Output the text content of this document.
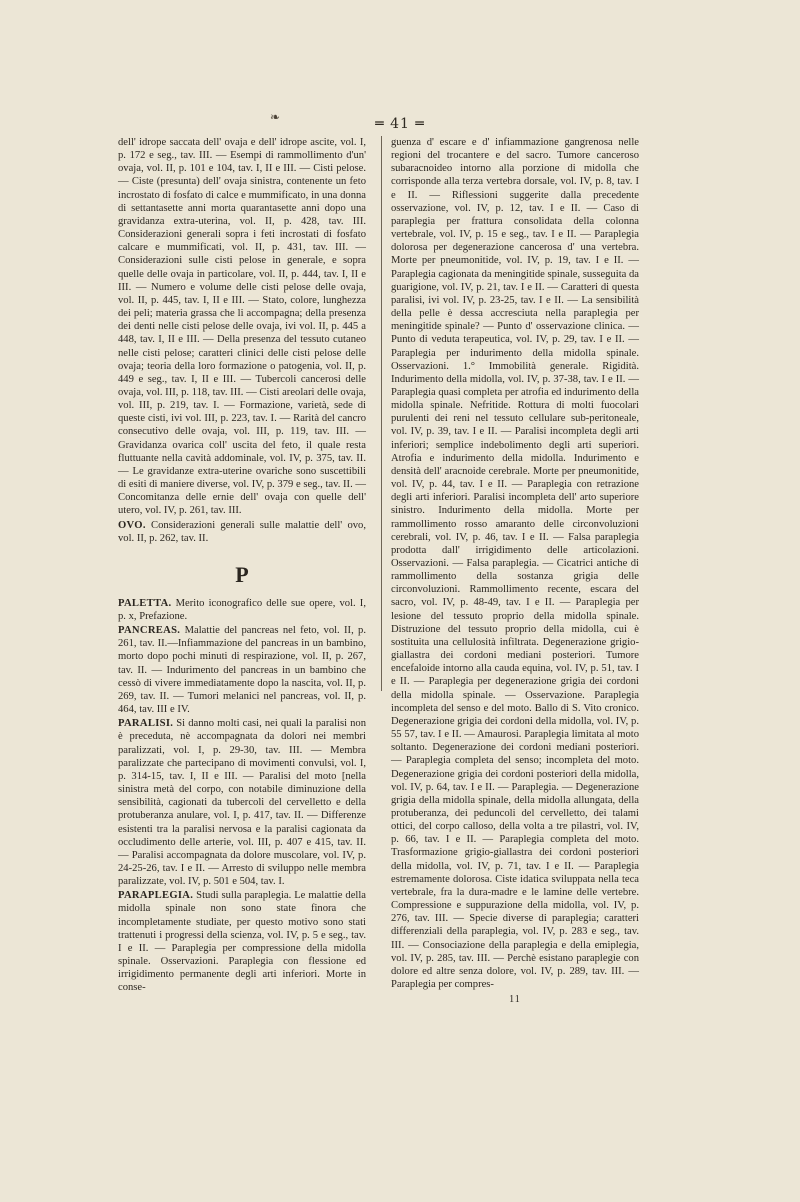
❧	═ 41 ═

dell' idrope saccata dell' ovaja e dell' idrope ascite, vol. I, p. 172 e seg., tav. III. — Esempi di rammollimento d'un' ovaja, vol. II, p. 101 e 104, tav. I, II e III. — Cisti pelose. — Ciste (presunta) dell' ovaja sinistra, contenente un feto incrostato di fosfato di calce e mummificato, in una donna di settantasette anni morta quarantasette anni dopo una gravidanza extra-uterina, vol. II, p. 428, tav. III. Considerazioni generali sopra i feti incrostati di fosfato calcare e mummificati, vol. II, p. 431, tav. III. — Considerazioni sulle cisti pelose in generale, e sopra quelle delle ovaja in particolare, vol. II, p. 444, tav. I, II e III. — Numero e volume delle cisti pelose delle ovaja, vol. II, p. 445, tav. I, II e III. — Stato, colore, lunghezza dei peli; materia grassa che li accompagna; della presenza dei denti nelle cisti pelose delle ovaja, ivi vol. II, p. 445 a 448, tav. I, II e III. — Della presenza del tessuto cutaneo nelle cisti pelose; caratteri clinici delle cisti pelose delle ovaja; teoria della loro formazione o patogenia, vol. II, p. 449 e seg., tav. I, II e III. — Tubercoli cancerosi delle ovaja, vol. III, p. 118, tav. III. — Cisti areolari delle ovaja, vol. III, p. 219, tav. I. — Formazione, varietà, sede di queste cisti, ivi vol. III, p. 223, tav. I. — Rarità del cancro consecutivo delle ovaja, vol. III, p. 119, tav. III. — Gravidanza ovarica coll' uscita del feto, il quale resta fluttuante nella cavità addominale, vol. IV, p. 375, tav. II. — Le gravidanze extra-uterine ovariche sono suscettibili di esiti di maniere diverse, vol. IV, p. 379 e seg., tav. II. — Concomitanza delle ernie dell' ovaja con quelle dell' utero, vol. IV, p. 261, tav. III.

OVO. Considerazioni generali sulle malattie dell' ovo, vol. II, p. 262, tav. II.

P

PALETTA. Merito iconografico delle sue opere, vol. I, p. x, Prefazione.

PANCREAS. Malattie del pancreas nel feto, vol. II, p. 261, tav. II.—Infiammazione del pancreas in un bambino, morto dopo pochi minuti di respirazione, vol. II, p. 267, tav. II. — Indurimento del pancreas in un bambino che cessò di vivere immediatamente dopo la nascita, vol. II, p. 269, tav. II. — Tumori melanici nel pancreas, vol. II, p. 464, tav. III e IV.

PARALISI. Si danno molti casi, nei quali la paralisi non è preceduta, nè accompagnata da dolori nei membri paralizzati, vol. I, p. 29-30, tav. III. — Membra paralizzate che partecipano di movimenti convulsi, vol. I, p. 314-15, tav. I, II e III. — Paralisi del moto [nella sinistra metà del corpo, con notabile diminuzione della sensibilità, cagionati da tubercoli del cervelletto e della protuberanza anulare, vol. I, p. 417, tav. II. — Differenze esistenti tra la paralisi nervosa e la paralisi cagionata da occludimento delle arterie, vol. III, p. 407 e 415, tav. II. — Paralisi accompagnata da dolore muscolare, vol. IV, p. 24-25-26, tav. I e II. — Arresto di sviluppo nelle membra paralizzate, vol. IV, p. 501 e 504, tav. I.

PARAPLEGIA. Studi sulla paraplegia. Le malattie della midolla spinale non sono state finora che incompletamente studiate, per questo motivo sono stati trattenuti i progressi della scienza, vol. IV, p. 5 e seg., tav. I e II. — Paraplegia per compressione della midolla spinale. Osservazioni. Paraplegia con flessione ed irrigidimento permanente degli arti inferiori. Morte in conse-

guenza d' escare e d' infiammazione gangrenosa nelle regioni del trocantere e del sacro. Tumore canceroso subaracnoideo intorno alla porzione di midolla che corrisponde alla terza vertebra dorsale, vol. IV, p. 8, tav. I e II. — Riflessioni suggerite dalla precedente osservazione, vol. IV, p. 12, tav. I e II. — Caso di paraplegia per frattura consolidata della colonna vertebrale, vol. IV, p. 15 e seg., tav. I e II. — Paraplegia dolorosa per degenerazione cancerosa d' una vertebra. Morte per pneumonitide, vol. IV, p. 19, tav. I e II. — Paraplegia cagionata da meningitide spinale, susseguita da guarigione, vol. IV, p. 21, tav. I e II. — Caratteri di questa paralisi, ivi vol. IV, p. 23-25, tav. I e II. — La sensibilità della pelle è dessa accresciuta nella paraplegia per meningitide spinale? — Punto d' osservazione clinica. — Punto di veduta terapeutica, vol. IV, p. 29, tav. I e II. — Paraplegia per indurimento della midolla spinale. Osservazioni. 1.° Immobilità generale. Rigidità. Indurimento della midolla, vol. IV, p. 37-38, tav. I e II. — Paraplegia quasi completa per atrofia ed indurimento della midolla spinale. Nefritide. Rottura di molti fuocolari purulenti dei reni nel tessuto cellulare sub-peritoneale, vol. IV, p. 39, tav. I e II. — Paralisi incompleta degli arti inferiori; semplice indebolimento degli arti superiori. Atrofia e indurimento della midolla. Indurimento e densità dell' aracnoide cerebrale. Morte per pneumonitide, vol. IV, p. 44, tav. I e II. — Paraplegia con retrazione degli arti inferiori. Paralisi incompleta dell' arto superiore sinistro. Indurimento della midolla. Morte per rammollimento rosso amaranto delle circonvoluzioni cerebrali, vol. IV, p. 46, tav. I e II. — Falsa paraplegia prodotta dall' irrigidimento delle articolazioni. Osservazioni. — Falsa paraplegia. — Cicatrici antiche di rammollimento della sostanza grigia delle circonvoluzioni. Rammollimento recente, escara del sacro, vol. IV, p. 48-49, tav. I e II. — Paraplegia per lesione del tessuto proprio della midolla spinale. Distruzione del tessuto proprio della midolla, cui è sostituita una cellulosità infiltrata. Degenerazione grigio-giallastra dei cordoni mediani posteriori. Tumore encefaloide intorno alla cauda equina, vol. IV, p. 51, tav. I e II. — Paraplegia per degenerazione grigia dei cordoni della midolla spinale. — Osservazione. Paraplegia incompleta del senso e del moto. Ballo di S. Vito cronico. Degenerazione grigia dei cordoni della midolla, vol. IV, p. 55 57, tav. I e II. — Amaurosi. Paraplegia limitata al moto soltanto. Degenerazione dei cordoni mediani posteriori. — Paraplegia completa del senso; incompleta del moto. Degenerazione grigia dei cordoni posteriori della midolla, vol. IV, p. 64, tav. I e II. — Paraplegia. — Degenerazione grigia della midolla spinale, della midolla allungata, della protuberanza, dei peduncoli del cervelletto, dei talami ottici, del corpo calloso, della volta a tre pilastri, vol. IV, p. 66, tav. I e II. — Paraplegia completa del moto. Trasformazione grigio-giallastra dei cordoni posteriori della midolla, vol. IV, p. 71, tav. I e II. — Paraplegia estremamente dolorosa. Ciste idatica sviluppata nella teca vertebrale, fra la dura-madre e le lamine delle vertebre. Compressione e suppurazione della midolla, vol. IV, p. 276, tav. III. — Specie diverse di paraplegia; caratteri differenziali della paraplegia, vol. IV, p. 283 e seg., tav. III. — Consociazione della paraplegia e della emiplegia, vol. IV, p. 285, tav. III. — Perchè esistano paraplegie con dolore ed altre senza dolore, vol. IV, p. 289, tav. III. — Paraplegia per compres-

11
